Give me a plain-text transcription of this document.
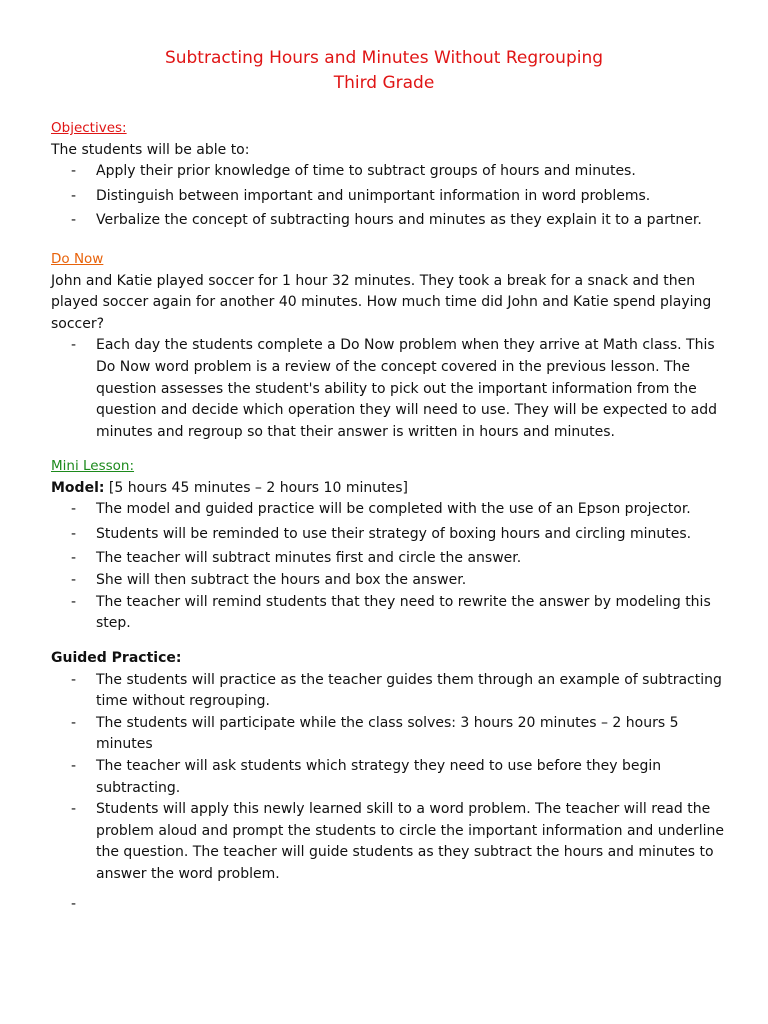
Subtracting Hours and Minutes Without Regrouping
Third Grade

Objectives:

The students will be able to:

- Apply their prior knowledge of time to subtract groups of hours and minutes.
- Distinguish between important and unimportant information in word problems.
- Verbalize the concept of subtracting hours and minutes as they explain it to a partner.

Do Now

John and Katie played soccer for 1 hour 32 minutes. They took a break for a snack and then played soccer again for another 40 minutes. How much time did John and Katie spend playing soccer?

- Each day the students complete a Do Now problem when they arrive at Math class. This Do Now word problem is a review of the concept covered in the previous lesson. The question assesses the student's ability to pick out the important information from the question and decide which operation they will need to use. They will be expected to add minutes and regroup so that their answer is written in hours and minutes.

Mini Lesson:

Model: [5 hours 45 minutes – 2 hours 10 minutes]

- The model and guided practice will be completed with the use of an Epson projector.
- Students will be reminded to use their strategy of boxing hours and circling minutes.
- The teacher will subtract minutes first and circle the answer.
- She will then subtract the hours and box the answer.
- The teacher will remind students that they need to rewrite the answer by modeling this step.

Guided Practice:

- The students will practice as the teacher guides them through an example of subtracting time without regrouping.
- The students will participate while the class solves: 3 hours 20 minutes – 2 hours 5 minutes
- The teacher will ask students which strategy they need to use before they begin subtracting.
- Students will apply this newly learned skill to a word problem. The teacher will read the problem aloud and prompt the students to circle the important information and underline the question. The teacher will guide students as they subtract the hours and minutes to answer the word problem.
-
